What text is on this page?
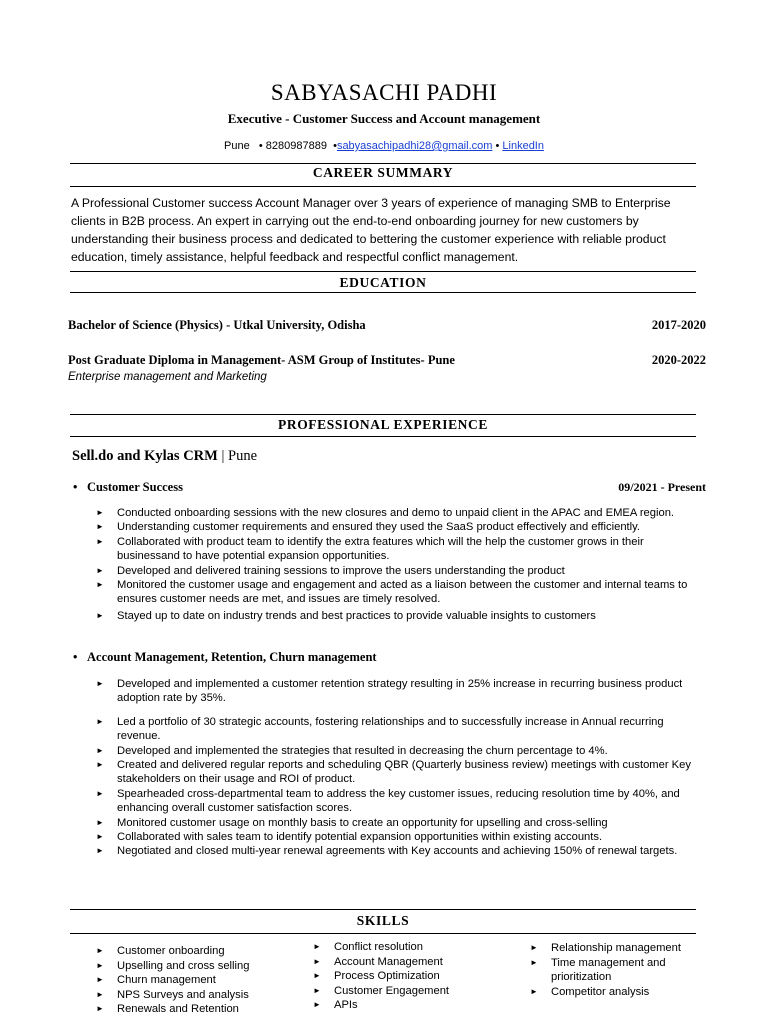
SABYASACHI PADHI
Executive - Customer Success and Account management
Pune   • 8280987889  •sabyasachipadhi28@gmail.com • LinkedIn
CAREER SUMMARY
A Professional Customer success Account Manager over 3 years of experience of managing SMB to Enterprise clients in B2B process. An expert in carrying out the end-to-end onboarding journey for new customers by understanding their business process and dedicated to bettering the customer experience with reliable product education, timely assistance, helpful feedback and respectful conflict management.
EDUCATION
Bachelor of Science (Physics) - Utkal University, Odisha	2017-2020
Post Graduate Diploma in Management- ASM Group of Institutes- Pune	2020-2022
Enterprise management and Marketing
PROFESSIONAL EXPERIENCE
Sell.do and Kylas CRM | Pune
• Customer Success	09/2021 - Present
► Conducted onboarding sessions with the new closures and demo to unpaid client in the APAC and EMEA region.
► Understanding customer requirements and ensured they used the SaaS product effectively and efficiently.
► Collaborated with product team to identify the extra features which will the help the customer grows in their businessand to have potential expansion opportunities.
► Developed and delivered training sessions to improve the users understanding the product
► Monitored the customer usage and engagement and acted as a liaison between the customer and internal teams to ensures customer needs are met, and issues are timely resolved.
► Stayed up to date on industry trends and best practices to provide valuable insights to customers
• Account Management, Retention, Churn management
► Developed and implemented a customer retention strategy resulting in 25% increase in recurring business product adoption rate by 35%.
► Led a portfolio of 30 strategic accounts, fostering relationships and to successfully increase in Annual recurring revenue.
► Developed and implemented the strategies that resulted in decreasing the churn percentage to 4%.
► Created and delivered regular reports and scheduling QBR (Quarterly business review) meetings with customer Key stakeholders on their usage and ROI of product.
► Spearheaded cross-departmental team to address the key customer issues, reducing resolution time by 40%, and enhancing overall customer satisfaction scores.
► Monitored customer usage on monthly basis to create an opportunity for upselling and cross-selling
► Collaborated with sales team to identify potential expansion opportunities within existing accounts.
► Negotiated and closed multi-year renewal agreements with Key accounts and achieving 150% of renewal targets.
SKILLS
► Customer onboarding
► Upselling and cross selling
► Churn management
► NPS Surveys and analysis
► Renewals and Retention
► Conflict resolution
► Account Management
► Process Optimization
► Customer Engagement
► APIs
► Relationship management
► Time management and prioritization
► Competitor analysis
